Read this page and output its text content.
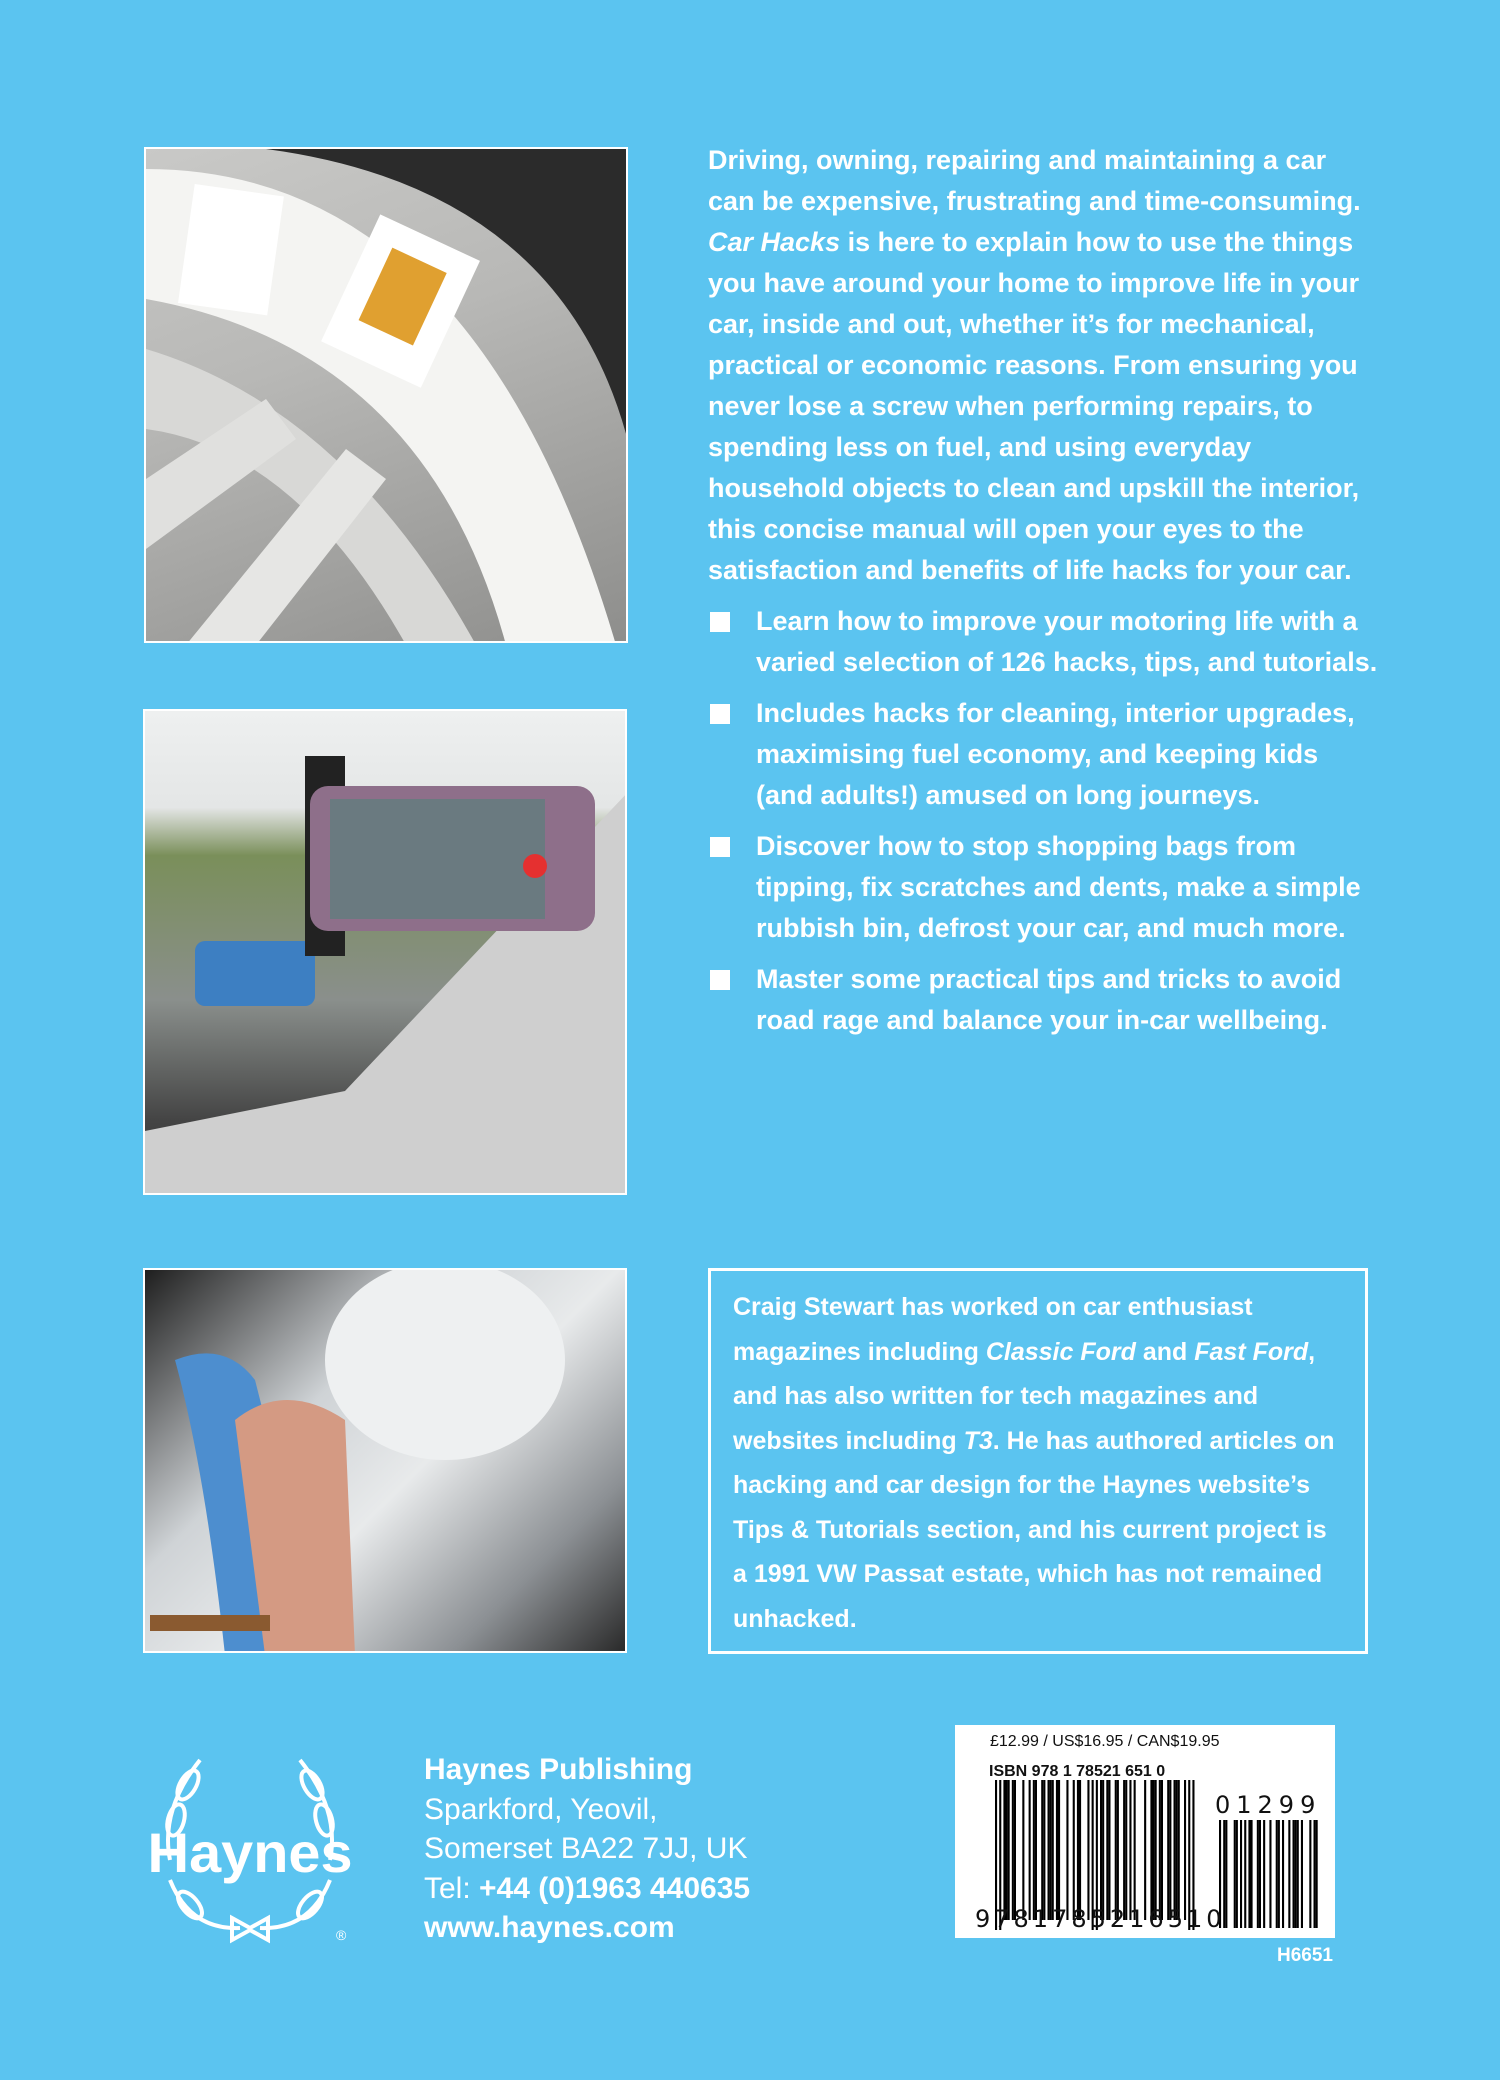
Driving, owning, repairing and maintaining a car can be expensive, frustrating and time-consuming. Car Hacks is here to explain how to use the things you have around your home to improve life in your car, inside and out, whether it’s for mechanical, practical or economic reasons. From ensuring you never lose a screw when performing repairs, to spending less on fuel, and using everyday household objects to clean and upskill the interior, this concise manual will open your eyes to the satisfaction and benefits of life hacks for your car.

Learn how to improve your motoring life with a varied selection of 126 hacks, tips, and tutorials.
Includes hacks for cleaning, interior upgrades, maximising fuel economy, and keeping kids (and adults!) amused on long journeys.
Discover how to stop shopping bags from tipping, fix scratches and dents, make a simple rubbish bin, defrost your car, and much more.
Master some practical tips and tricks to avoid road rage and balance your in-car wellbeing.
Craig Stewart has worked on car enthusiast magazines including Classic Ford and Fast Ford, and has also written for tech magazines and websites including T3. He has authored articles on hacking and car design for the Haynes website’s Tips & Tutorials section, and his current project is a 1991 VW Passat estate, which has not remained unhacked.
Haynes
®
Haynes Publishing
Sparkford, Yeovil,
Somerset BA22 7JJ, UK
Tel: +44 (0)1963 440635
www.haynes.com
£12.99 / US$16.95 / CAN$19.95
ISBN 978 1 78521 651 0
9781785216510
01299
H6651
